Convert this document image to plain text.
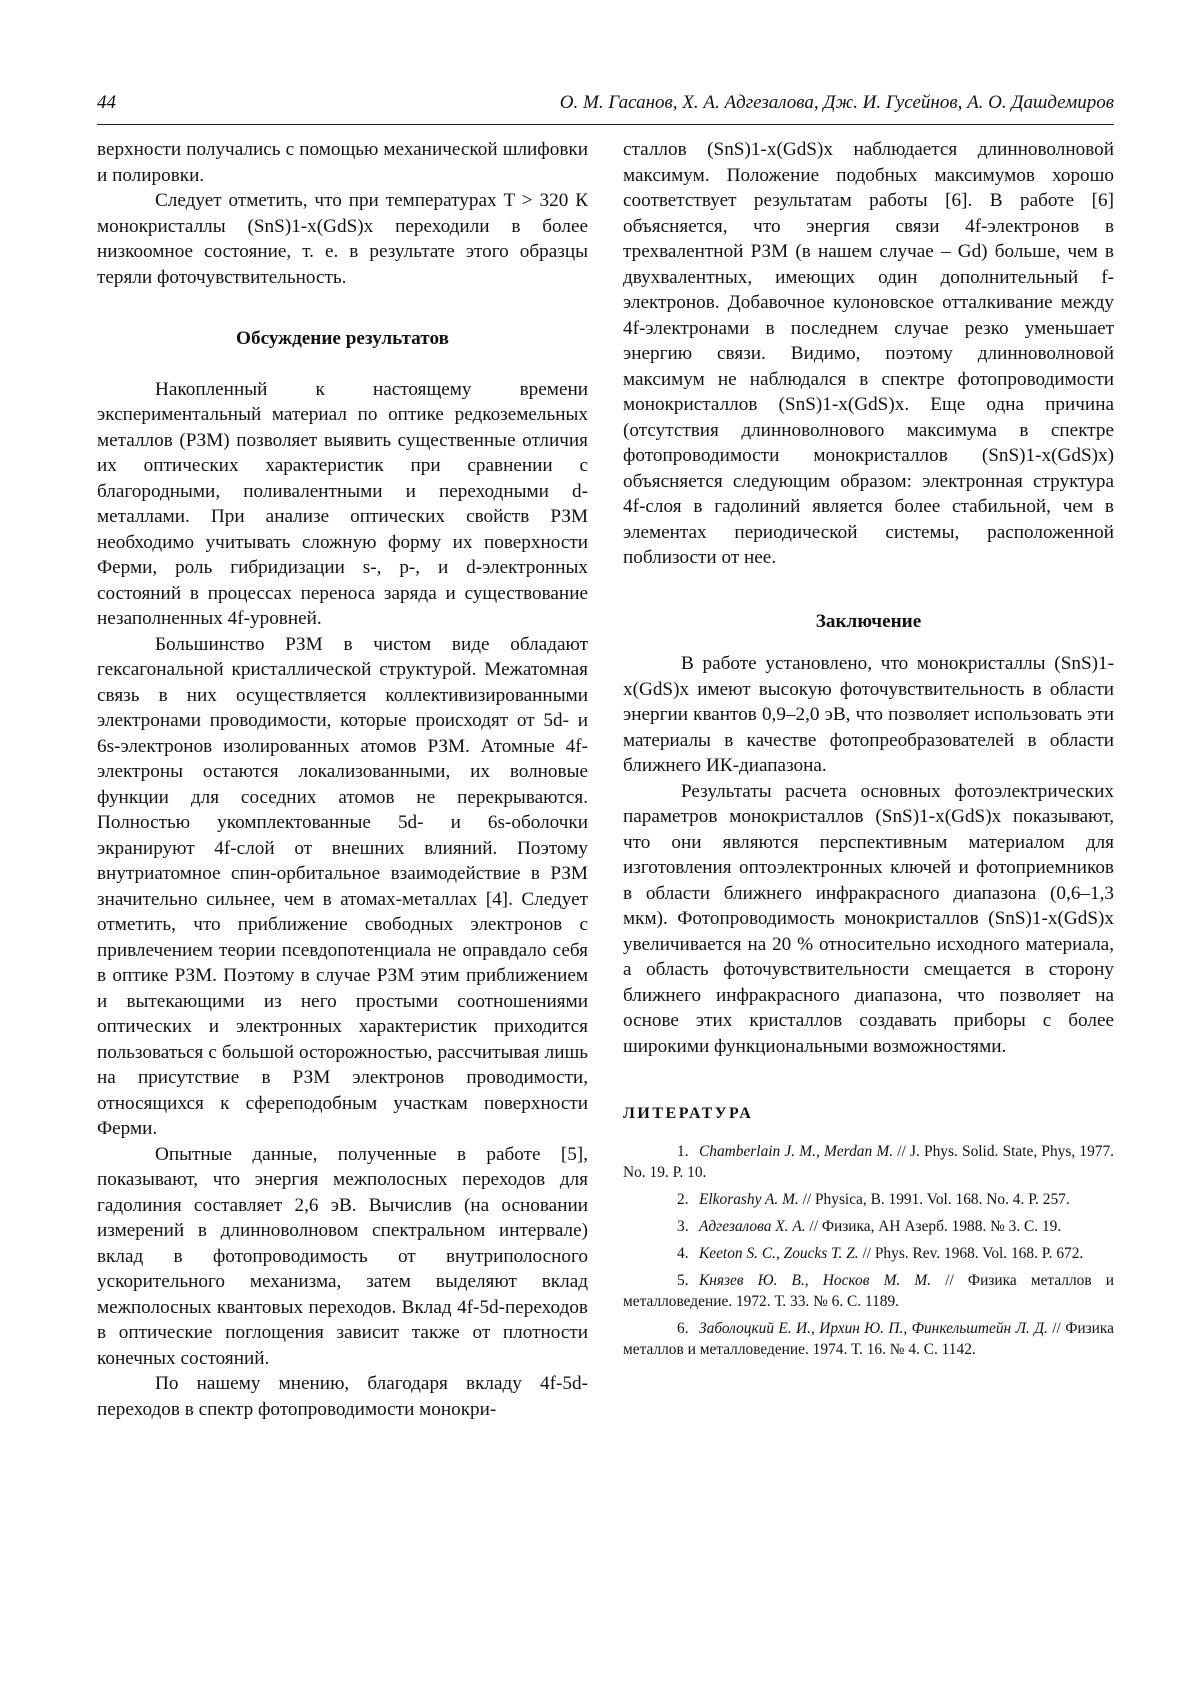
44	О. М. Гасанов, Х. А. Адгезалова, Дж. И. Гусейнов, А. О. Дашдемиров

верхности получались с помощью механической шлифовки и полировки.

Следует отметить, что при температурах T > 320 К монокристаллы (SnS)1-x(GdS)x переходили в более низкоомное состояние, т. е. в результате этого образцы теряли фоточувствительность.

Обсуждение результатов

Накопленный к настоящему времени экспериментальный материал по оптике редкоземельных металлов (РЗМ) позволяет выявить существенные отличия их оптических характеристик при сравнении с благородными, поливалентными и переходными d-металлами. При анализе оптических свойств РЗМ необходимо учитывать сложную форму их поверхности Ферми, роль гибридизации s-, p-, и d-электронных состояний в процессах переноса заряда и существование незаполненных 4f-уровней.

Большинство РЗМ в чистом виде обладают гексагональной кристаллической структурой. Межатомная связь в них осуществляется коллективизированными электронами проводимости, которые происходят от 5d- и 6s-электронов изолированных атомов РЗМ. Атомные 4f-электроны остаются локализованными, их волновые функции для соседних атомов не перекрываются. Полностью укомплектованные 5d- и 6s-оболочки экранируют 4f-слой от внешних влияний. Поэтому внутриатомное спин-орбитальное взаимодействие в РЗМ значительно сильнее, чем в атомах-металлах [4]. Следует отметить, что приближение свободных электронов с привлечением теории псевдопотенциала не оправдало себя в оптике РЗМ. Поэтому в случае РЗМ этим приближением и вытекающими из него простыми соотношениями оптических и электронных характеристик приходится пользоваться с большой осторожностью, рассчитывая лишь на присутствие в РЗМ электронов проводимости, относящихся к сфереподобным участкам поверхности Ферми.

Опытные данные, полученные в работе [5], показывают, что энергия межполосных переходов для гадолиния составляет 2,6 эВ. Вычислив (на основании измерений в длинноволновом спектральном интервале) вклад в фотопроводимость от внутриполосного ускорительного механизма, затем выделяют вклад межполосных квантовых переходов. Вклад 4f-5d-переходов в оптические поглощения зависит также от плотности конечных состояний.

По нашему мнению, благодаря вкладу 4f-5d-переходов в спектр фотопроводимости монокри-

сталлов (SnS)1-x(GdS)x наблюдается длинноволновой максимум. Положение подобных максимумов хорошо соответствует результатам работы [6]. В работе [6] объясняется, что энергия связи 4f-электронов в трехвалентной РЗМ (в нашем случае – Gd) больше, чем в двухвалентных, имеющих один дополнительный f-электронов. Добавочное кулоновское отталкивание между 4f-электронами в последнем случае резко уменьшает энергию связи. Видимо, поэтому длинноволновой максимум не наблюдался в спектре фотопроводимости монокристаллов (SnS)1-x(GdS)x. Еще одна причина (отсутствия длинноволнового максимума в спектре фотопроводимости монокристаллов (SnS)1-x(GdS)x) объясняется следующим образом: электронная структура 4f-слоя в гадолиний является более стабильной, чем в элементах периодической системы, расположенной поблизости от нее.

Заключение

В работе установлено, что монокристаллы (SnS)1-x(GdS)x имеют высокую фоточувствительность в области энергии квантов 0,9–2,0 эВ, что позволяет использовать эти материалы в качестве фотопреобразователей в области ближнего ИК-диапазона.

Результаты расчета основных фотоэлектрических параметров монокристаллов (SnS)1-x(GdS)x показывают, что они являются перспективным материалом для изготовления оптоэлектронных ключей и фотоприемников в области ближнего инфракрасного диапазона (0,6–1,3 мкм). Фотопроводимость монокристаллов (SnS)1-x(GdS)x увеличивается на 20 % относительно исходного материала, а область фоточувствительности смещается в сторону ближнего инфракрасного диапазона, что позволяет на основе этих кристаллов создавать приборы с более широкими функциональными возможностями.

ЛИТЕРАТУРА
1. Chamberlain J. M., Merdan M. // J. Phys. Solid. State, Phys, 1977. No. 19. P. 10.
2. Elkorashy A. M. // Physica, B. 1991. Vol. 168. No. 4. P. 257.
3. Адгезалова Х. А. // Физика, АН Азерб. 1988. № 3. С. 19.
4. Keeton S. C., Zoucks T. Z. // Phys. Rev. 1968. Vol. 168. P. 672.
5. Князев Ю. В., Носков М. М. // Физика металлов и металловедение. 1972. Т. 33. № 6. С. 1189.
6. Заболоцкий Е. И., Ирхин Ю. П., Финкельштейн Л. Д. // Физика металлов и металловедение. 1974. Т. 16. № 4. С. 1142.
